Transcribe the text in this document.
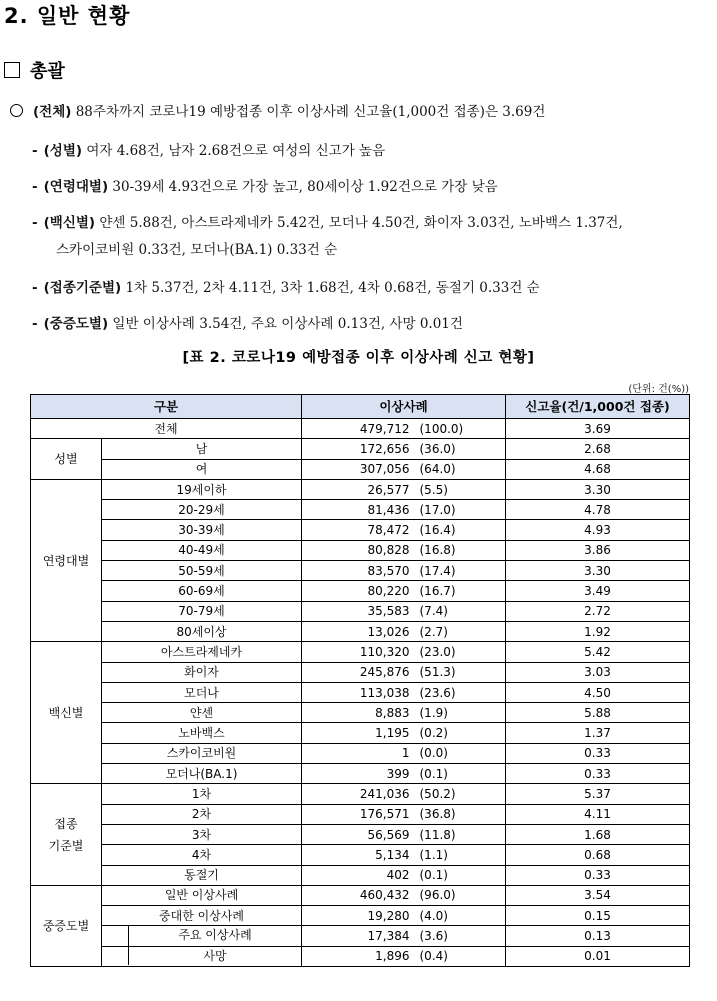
2. 일반 현황
총괄
(전체) 88주차까지 코로나19 예방접종 이후 이상사례 신고율(1,000건 접종)은 3.69건
- (성별) 여자 4.68건, 남자 2.68건으로 여성의 신고가 높음
- (연령대별) 30-39세 4.93건으로 가장 높고, 80세이상 1.92건으로 가장 낮음
- (백신별) 얀센 5.88건, 아스트라제네카 5.42건, 모더나 4.50건, 화이자 3.03건, 노바백스 1.37건,
스카이코비원 0.33건, 모더나(BA.1) 0.33건 순
- (접종기준별) 1차 5.37건, 2차 4.11건, 3차 1.68건, 4차 0.68건, 동절기 0.33건 순
- (중증도별) 일반 이상사례 3.54건, 주요 이상사례 0.13건, 사망 0.01건
[표 2. 코로나19 예방접종 이후 이상사례 신고 현황]
(단위: 건(%))
구분		이상사례		신고율(건/1,000건 접종)
전체		479,712	(100.0)	3.69
성별	남	172,656	(36.0)	2.68
	여	307,056	(64.0)	4.68
연령대별	19세이하	26,577	(5.5)	3.30
	20-29세	81,436	(17.0)	4.78
	30-39세	78,472	(16.4)	4.93
	40-49세	80,828	(16.8)	3.86
	50-59세	83,570	(17.4)	3.30
	60-69세	80,220	(16.7)	3.49
	70-79세	35,583	(7.4)	2.72
	80세이상	13,026	(2.7)	1.92
백신별	아스트라제네카	110,320	(23.0)	5.42
	화이자	245,876	(51.3)	3.03
	모더나	113,038	(23.6)	4.50
	얀센	8,883	(1.9)	5.88
	노바백스	1,195	(0.2)	1.37
	스카이코비원	1	(0.0)	0.33
	모더나(BA.1)	399	(0.1)	0.33
접종
기준별	1차	241,036	(50.2)	5.37
	2차	176,571	(36.8)	4.11
	3차	56,569	(11.8)	1.68
	4차	5,134	(1.1)	0.68
	동절기	402	(0.1)	0.33
중증도별	일반 이상사례	460,432	(96.0)	3.54
	중대한 이상사례	19,280	(4.0)	0.15

	주요 이상사례	17,384	(3.6)	0.13

	사망	1,896	(0.4)	0.01
